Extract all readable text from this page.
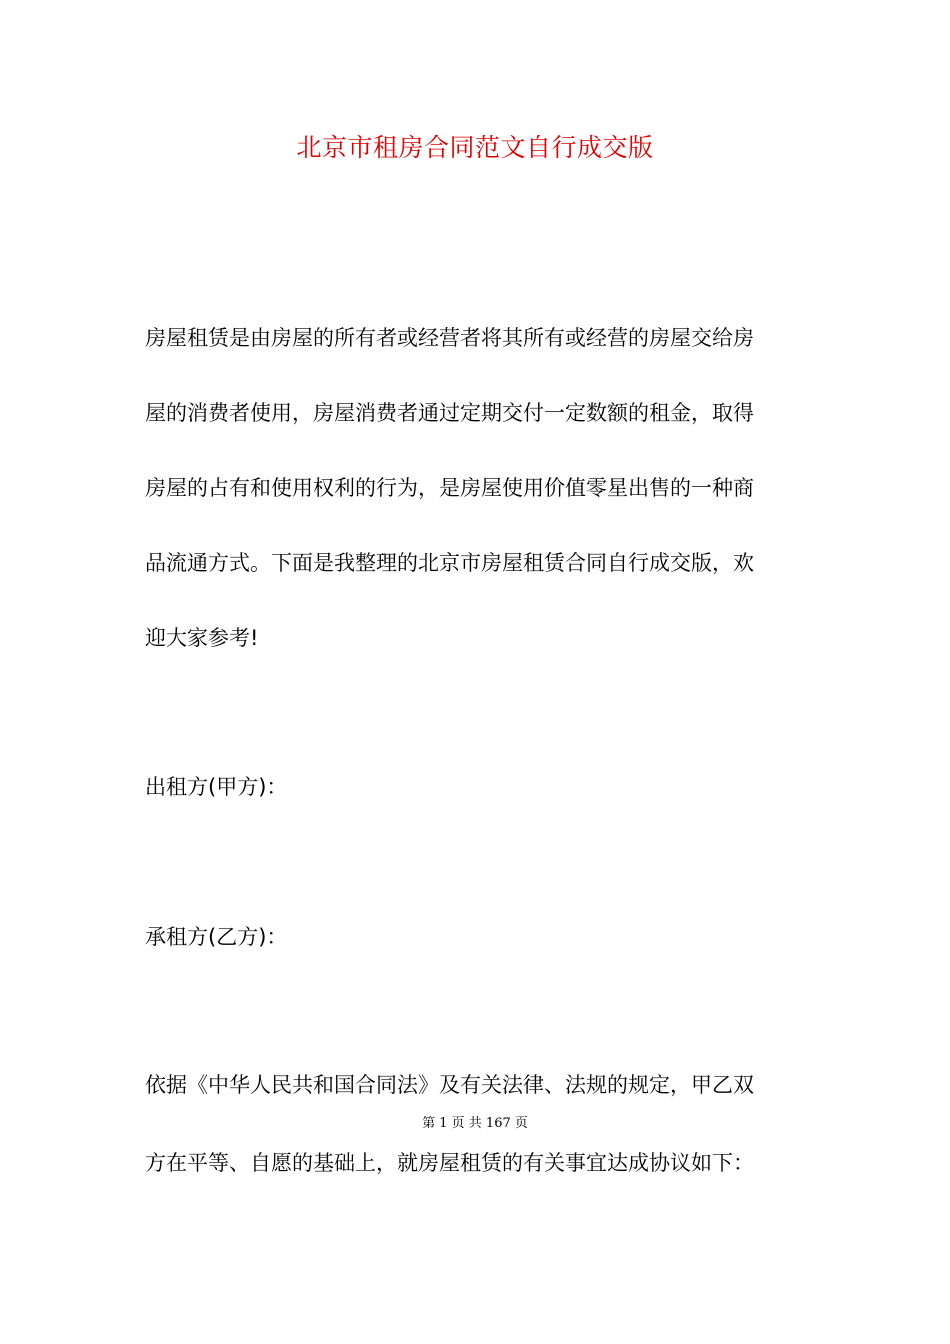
北京市租房合同范文自行成交版

房屋租赁是由房屋的所有者或经营者将其所有或经营的房屋交给房

屋的消费者使用，房屋消费者通过定期交付一定数额的租金，取得

房屋的占有和使用权利的行为，是房屋使用价值零星出售的一种商

品流通方式。下面是我整理的北京市房屋租赁合同自行成交版，欢

迎大家参考!

出租方(甲方)：

承租方(乙方)：

依据《中华人民共和国合同法》及有关法律、法规的规定，甲乙双

第 1 页 共 167 页

方在平等、自愿的基础上，就房屋租赁的有关事宜达成协议如下：
